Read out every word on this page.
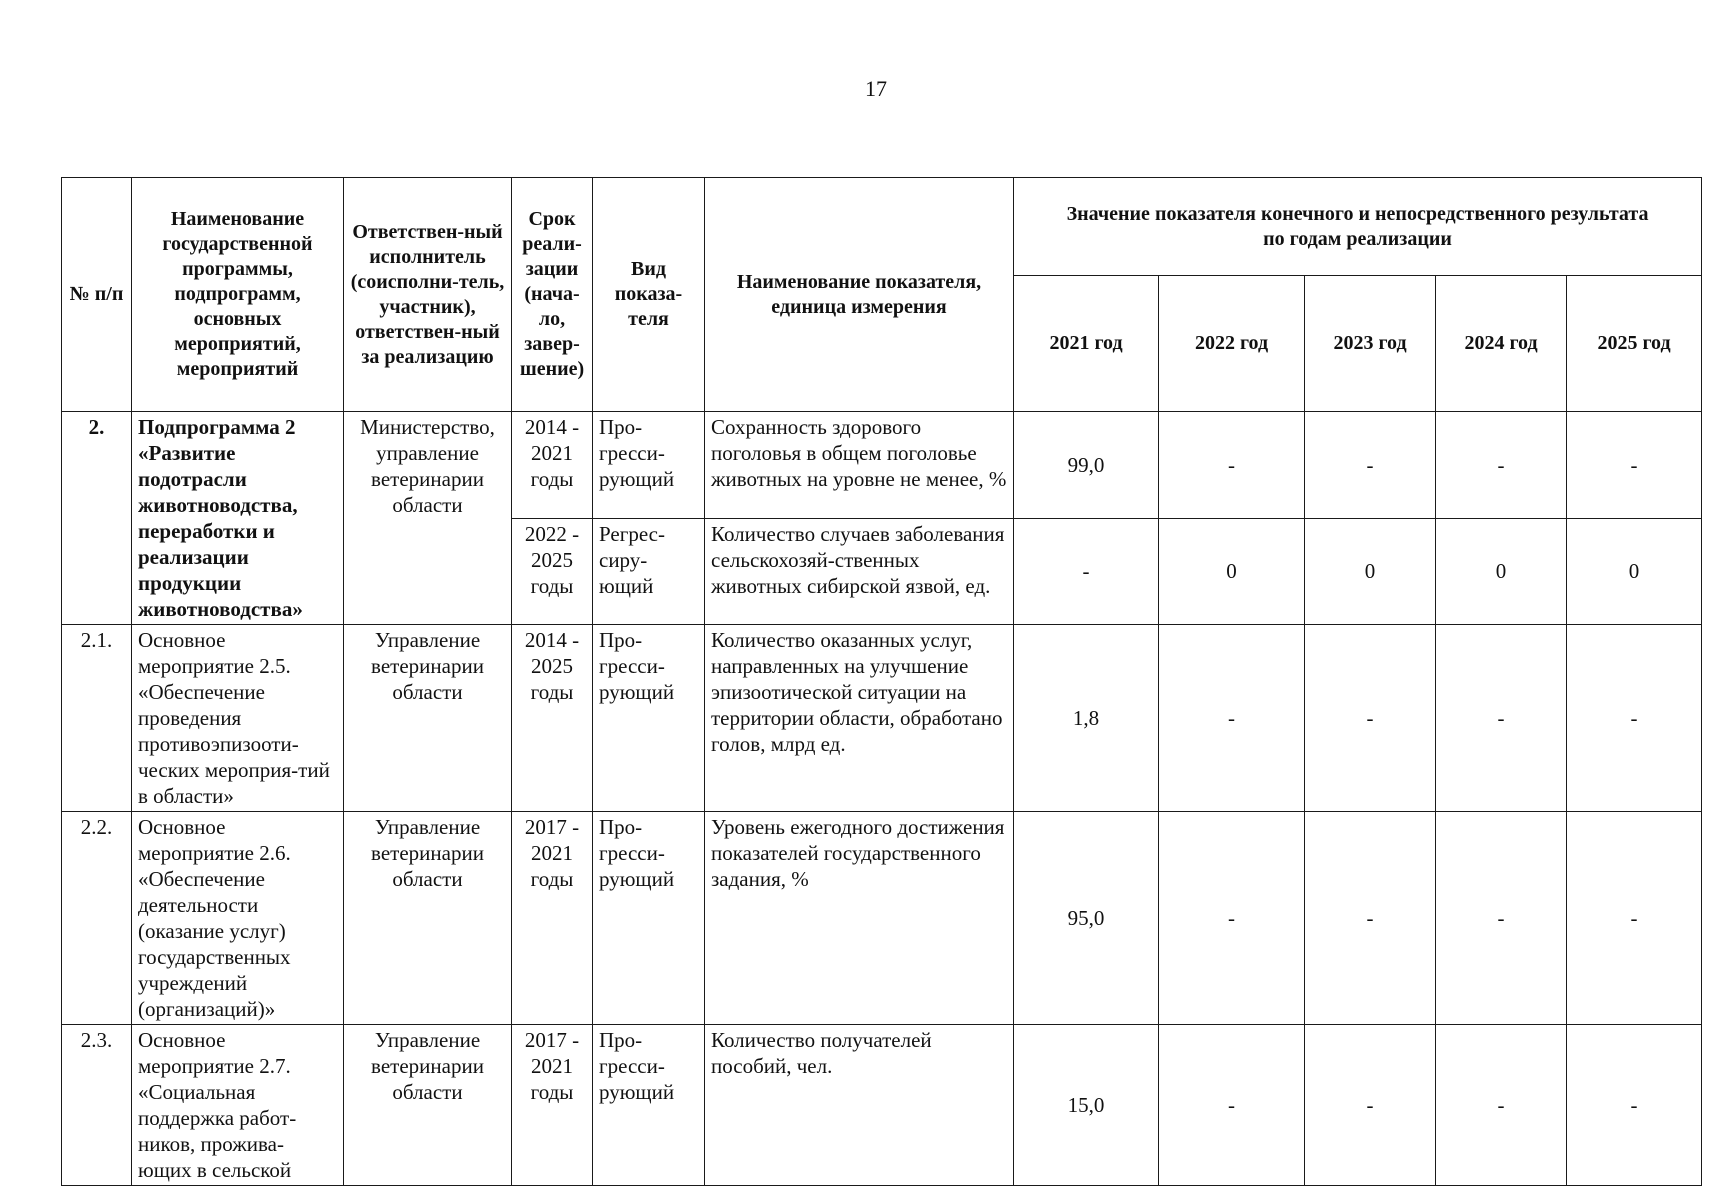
17
№ п/п	Наименование государственной программы, подпрограмм, основных мероприятий, мероприятий	Ответствен-ный исполнитель (соисполни-тель, участник), ответствен-ный за реализацию	Срок реали-зации (нача-ло, завер-шение)	Вид показа-теля	Наименование показателя, единица измерения	Значение показателя конечного и непосредственного результата по годам реализации				
						2021 год	2022 год	2023 год	2024 год	2025 год
2.	Подпрограмма 2 «Развитие подотрасли животноводства, переработки и реализации продукции животноводства»	Министерство, управление ветеринарии области	2014 - 2021 годы	Про-гресси-рующий	Сохранность здорового поголовья в общем поголовье животных на уровне не менее, %	99,0	-	-	-	-
			2022 - 2025 годы	Регрес-сиру-ющий	Количество случаев заболевания сельскохозяй-ственных животных сибирской язвой, ед.	-	0	0	0	0
2.1.	Основное мероприятие 2.5. «Обеспечение проведения противоэпизооти-ческих мероприя-тий в области»	Управление ветеринарии области	2014 - 2025 годы	Про-гресси-рующий	Количество оказанных услуг, направленных на улучшение эпизоотической ситуации на территории области, обработано голов, млрд ед.	1,8	-	-	-	-
2.2.	Основное мероприятие 2.6. «Обеспечение деятельности (оказание услуг) государственных учреждений (организаций)»	Управление ветеринарии области	2017 - 2021 годы	Про-гресси-рующий	Уровень ежегодного достижения показателей государственного задания, %	95,0	-	-	-	-
2.3.	Основное мероприятие 2.7. «Социальная поддержка работ-ников, прожива-ющих в сельской	Управление ветеринарии области	2017 - 2021 годы	Про-гресси-рующий	Количество получателей пособий, чел.	15,0	-	-	-	-
